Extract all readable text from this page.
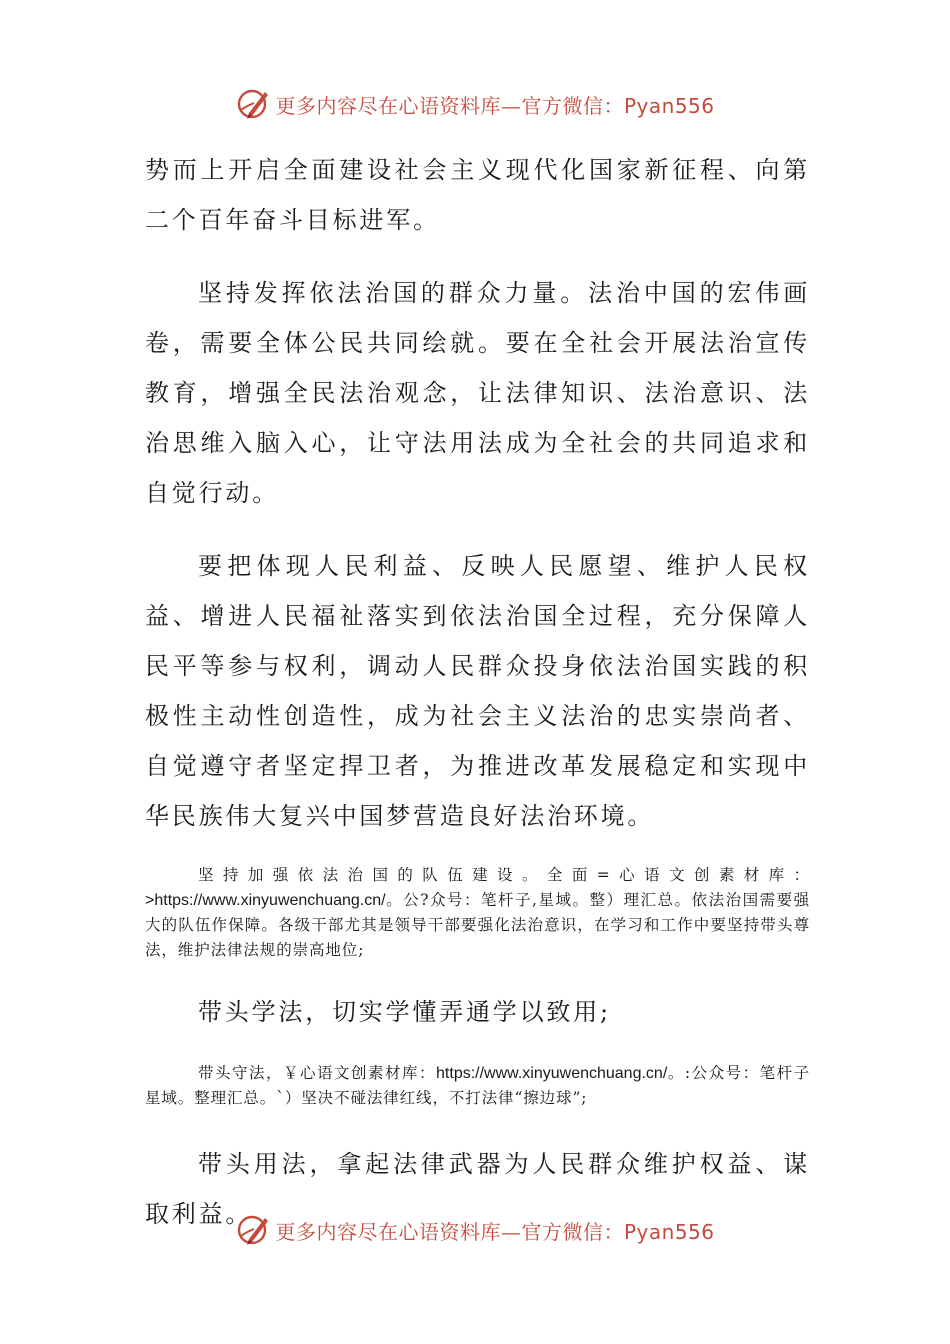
更多内容尽在心语资料库—官方微信：Pyan556

势而上开启全面建设社会主义现代化国家新征程、向第二个百年奋斗目标进军。

坚持发挥依法治国的群众力量。法治中国的宏伟画卷，需要全体公民共同绘就。要在全社会开展法治宣传教育，增强全民法治观念，让法律知识、法治意识、法治思维入脑入心，让守法用法成为全社会的共同追求和自觉行动。

要把体现人民利益、反映人民愿望、维护人民权益、增进人民福祉落实到依法治国全过程，充分保障人民平等参与权利，调动人民群众投身依法治国实践的积极性主动性创造性，成为社会主义法治的忠实崇尚者、自觉遵守者坚定捍卫者，为推进改革发展稳定和实现中华民族伟大复兴中国梦营造良好法治环境。

坚持加强依法治国的队伍建设。全面=心语文创素材库：>https://www.xinyuwenchuang.cn/。公?众号：笔杆子,星域。整）理汇总。依法治国需要强大的队伍作保障。各级干部尤其是领导干部要强化法治意识，在学习和工作中要坚持带头尊法，维护法律法规的崇高地位;

带头学法，切实学懂弄通学以致用;

带头守法，￥心语文创素材库：https://www.xinyuwenchuang.cn/。:公众号：笔杆子星域。整理汇总。`）坚决不碰法律红线，不打法律“擦边球”;

带头用法，拿起法律武器为人民群众维护权益、谋取利益。

更多内容尽在心语资料库—官方微信：Pyan556
